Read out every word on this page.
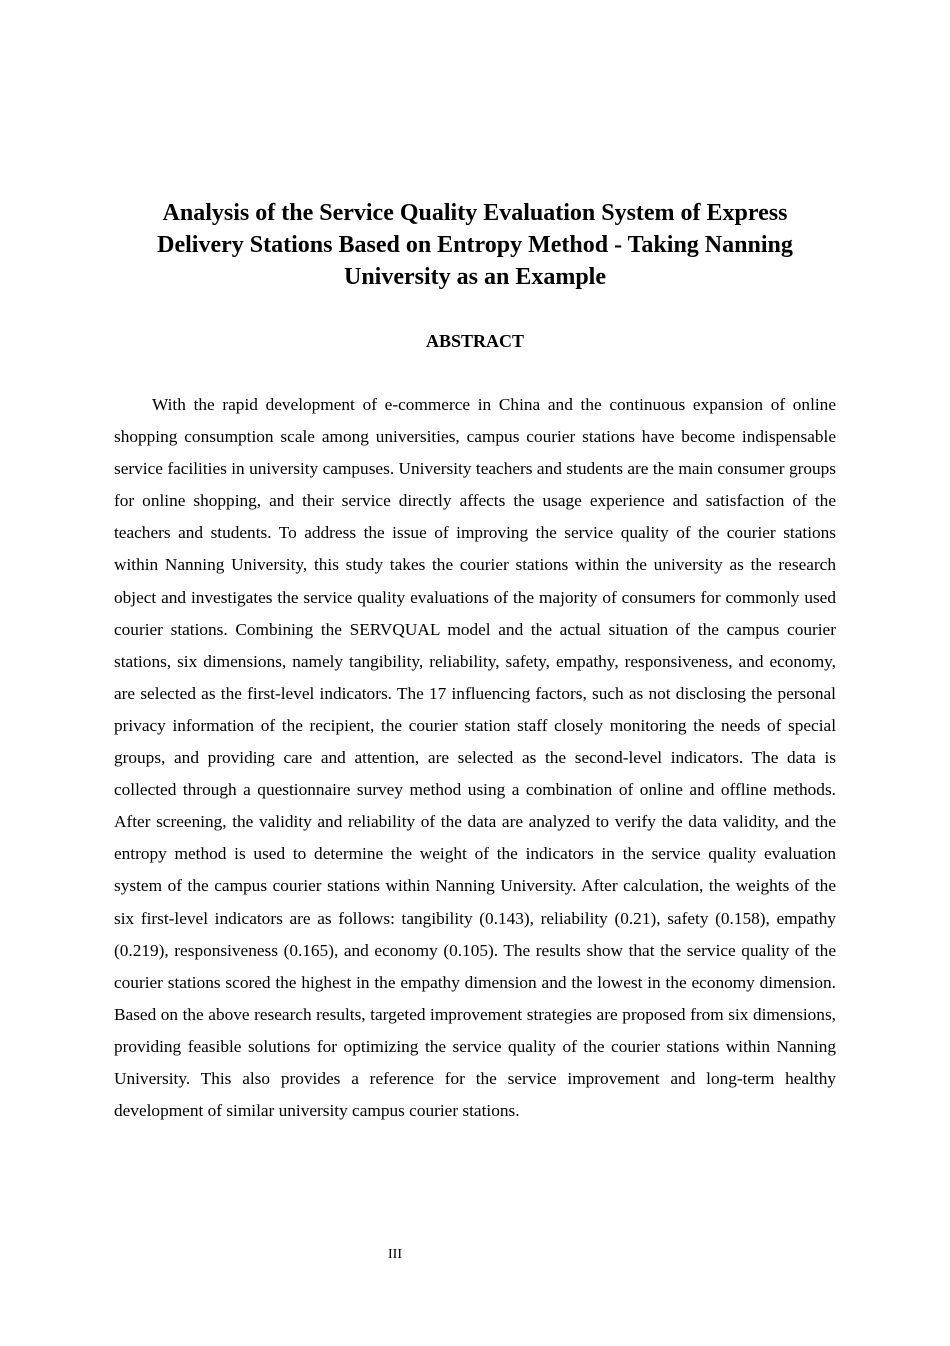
Analysis of the Service Quality Evaluation System of Express
Delivery Stations Based on Entropy Method - Taking Nanning
University as an Example
ABSTRACT

With the rapid development of e-commerce in China and the continuous expansion of online shopping consumption scale among universities, campus courier stations have become indispensable service facilities in university campuses. University teachers and students are the main consumer groups for online shopping, and their service directly affects the usage experience and satisfaction of the teachers and students. To address the issue of improving the service quality of the courier stations within Nanning University, this study takes the courier stations within the university as the research object and investigates the service quality evaluations of the majority of consumers for commonly used courier stations. Combining the SERVQUAL model and the actual situation of the campus courier stations, six dimensions, namely tangibility, reliability, safety, empathy, responsiveness, and economy, are selected as the first-level indicators. The 17 influencing factors, such as not disclosing the personal privacy information of the recipient, the courier station staff closely monitoring the needs of special groups, and providing care and attention, are selected as the second-level indicators. The data is collected through a questionnaire survey method using a combination of online and offline methods. After screening, the validity and reliability of the data are analyzed to verify the data validity, and the entropy method is used to determine the weight of the indicators in the service quality evaluation system of the campus courier stations within Nanning University. After calculation, the weights of the six first-level indicators are as follows: tangibility (0.143), reliability (0.21), safety (0.158), empathy (0.219), responsiveness (0.165), and economy (0.105). The results show that the service quality of the courier stations scored the highest in the empathy dimension and the lowest in the economy dimension. Based on the above research results, targeted improvement strategies are proposed from six dimensions, providing feasible solutions for optimizing the service quality of the courier stations within Nanning University. This also provides a reference for the service improvement and long-term healthy development of similar university campus courier stations.

III
